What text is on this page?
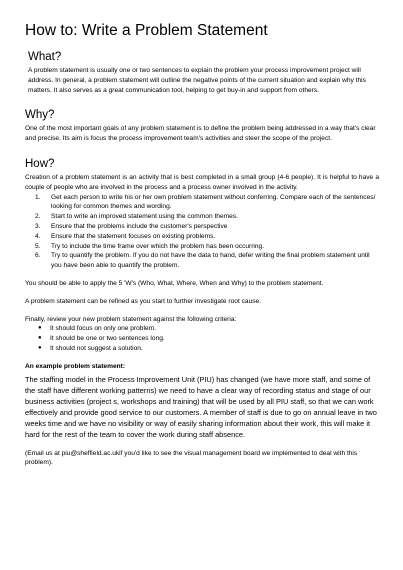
How to: Write a Problem Statement
What?

A problem statement is usually one or two sentences to explain the problem your process improvement project will address. In general, a problem statement will outline the negative points of the current situation and explain why this matters. It also serves as a great communication tool, helping to get buy-in and support from others.

Why?

One of the most important goals of any problem statement is to define the problem being addressed in a way that's clear and precise. Its aim is focus the process improvement team's activities and steer the scope of the project.

How?

Creation of a problem statement is an activity that is best completed in a small group (4-6 people). It is helpful to have a couple of people who are involved in the process and a process owner involved in the activity.

1.	Get each person to write his or her own problem statement without conferring. Compare each of the sentences/ looking for common themes and wording.
2.	Start to write an improved statement using the common themes.
3.	Ensure that the problems include the customer's perspective
4.	Ensure that the statement focuses on existing problems.
5.	Try to include the time frame over which the problem has been occurring.
6.	Try to quantify the problem. If you do not have the data to hand, defer writing the final problem statement until you have been able to quantify the problem.

You should be able to apply the 5 'W's (Who, What, Where, When and Why) to the problem statement.

A problem statement can be refined as you start to further investigate root cause.

Finally, review your new problem statement against the following criteria:

●	It should focus on only one problem.
●	It should be one or two sentences long.
●	It should not suggest a solution.
An example problem statement:

The staffing model in the Process Improvement Unit (PIU) has changed (we have more staff, and some of the staff have different working patterns) we need to have a clear way of recording status and stage of our business activities (project s, workshops and training) that will be used by all PIU staff, so that we can work effectively and provide good service to our customers. A member of staff is due to go on annual leave in two weeks time and we have no visibility or way of easily sharing information about their work, this will make it hard for the rest of the team to cover the work during staff absence.

(Email us at piu@sheffield.ac.ukif you'd like to see the visual management board we implemented to deal with this problem).
